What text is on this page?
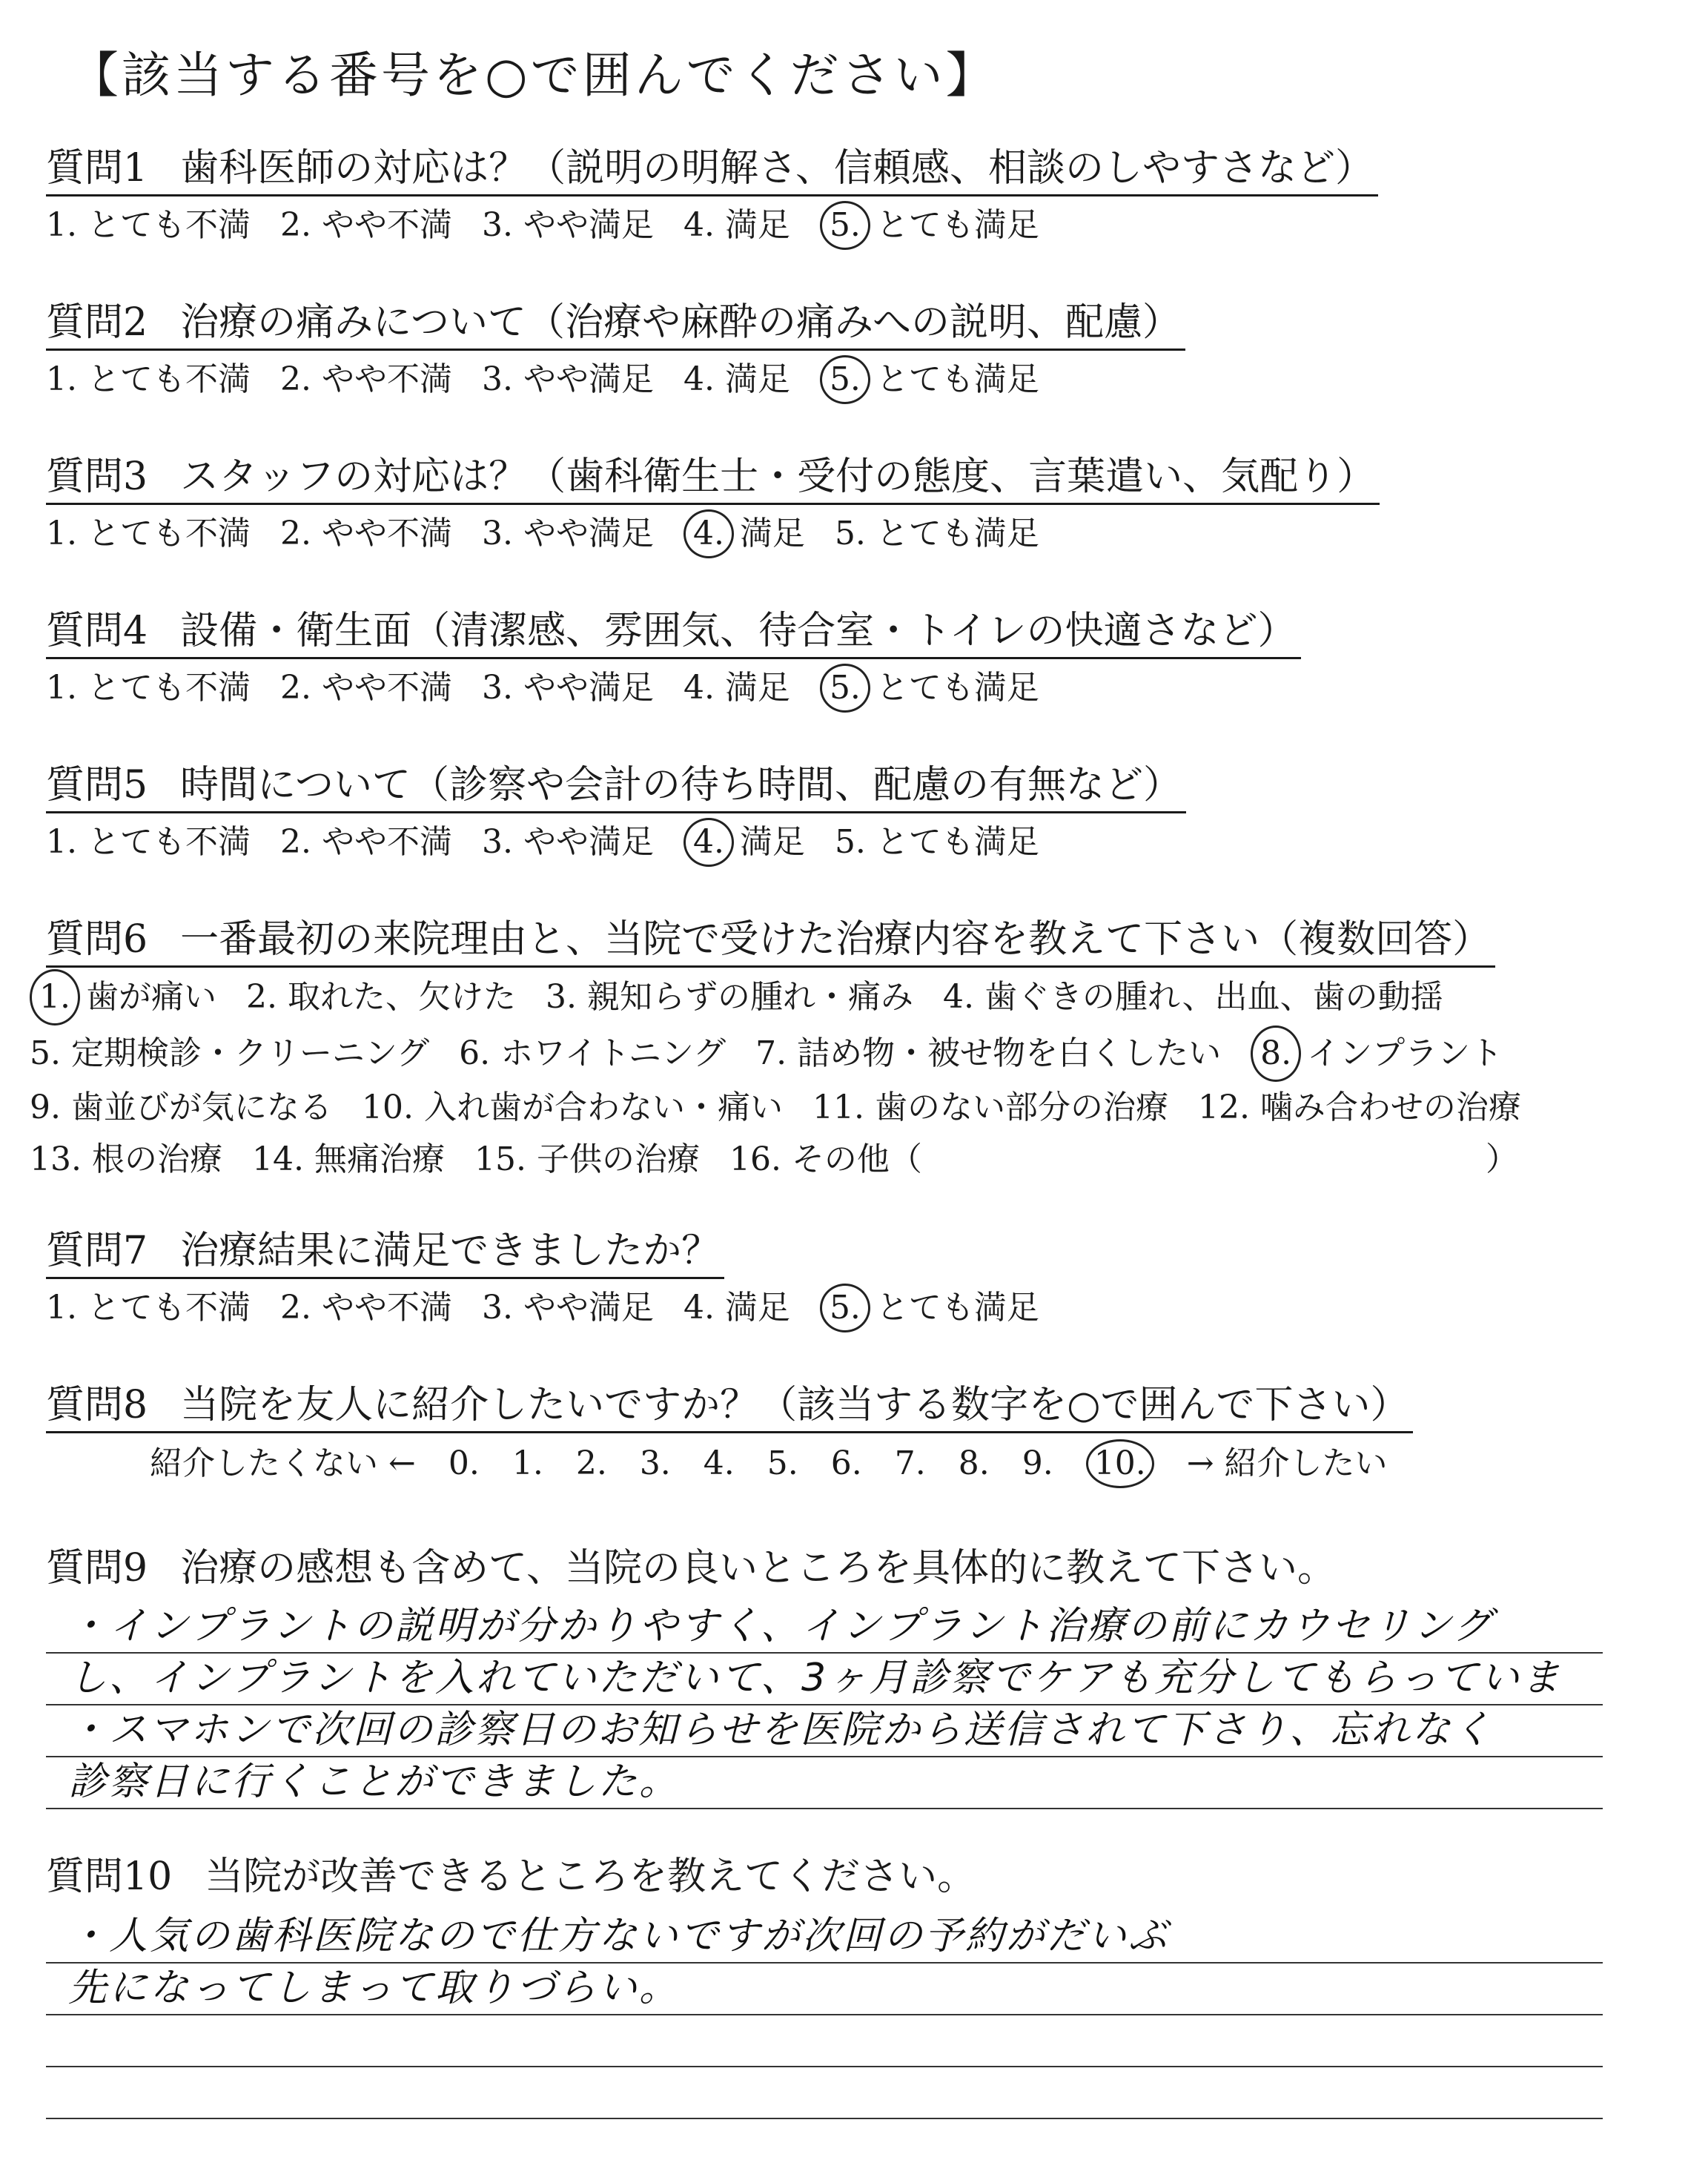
【該当する番号を○で囲んでください】
質問1 歯科医師の対応は？（説明の明解さ、信頼感、相談のしやすさなど）
1. とても不満 2. やや不満 3. やや満足 4. 満足 5. とても満足
質問2 治療の痛みについて（治療や麻酔の痛みへの説明、配慮）
1. とても不満 2. やや不満 3. やや満足 4. 満足 5. とても満足
質問3 スタッフの対応は？（歯科衛生士・受付の態度、言葉遣い、気配り）
1. とても不満 2. やや不満 3. やや満足 4. 満足 5. とても満足
質問4 設備・衛生面（清潔感、雰囲気、待合室・トイレの快適さなど）
1. とても不満 2. やや不満 3. やや満足 4. 満足 5. とても満足
質問5 時間について（診察や会計の待ち時間、配慮の有無など）
1. とても不満 2. やや不満 3. やや満足 4. 満足 5. とても満足
質問6 一番最初の来院理由と、当院で受けた治療内容を教えて下さい（複数回答）
1. 歯が痛い 2. 取れた、欠けた 3. 親知らずの腫れ・痛み 4. 歯ぐきの腫れ、出血、歯の動揺
5. 定期検診・クリーニング 6. ホワイトニング 7. 詰め物・被せ物を白くしたい 8. インプラント
9. 歯並びが気になる 10. 入れ歯が合わない・痛い 11. 歯のない部分の治療 12. 噛み合わせの治療
13. 根の治療 14. 無痛治療 15. 子供の治療 16. その他（	）
質問7 治療結果に満足できましたか？
1. とても不満 2. やや不満 3. やや満足 4. 満足 5. とても満足
質問8 当院を友人に紹介したいですか？（該当する数字を○で囲んで下さい）
紹介したくない ← 0. 1. 2. 3. 4. 5. 6. 7. 8. 9. 10. → 紹介したい
質問9 治療の感想も含めて、当院の良いところを具体的に教えて下さい。
・インプラントの説明が分かりやすく、インプラント治療の前にカウセリング
し、インプラントを入れていただいて、3ヶ月診察でケアも充分してもらっていま
・スマホンで次回の診察日のお知らせを医院から送信されて下さり、忘れなく
診察日に行くことができました。
質問10 当院が改善できるところを教えてください。
・人気の歯科医院なので仕方ないですが次回の予約がだいぶ
先になってしまって取りづらい。
